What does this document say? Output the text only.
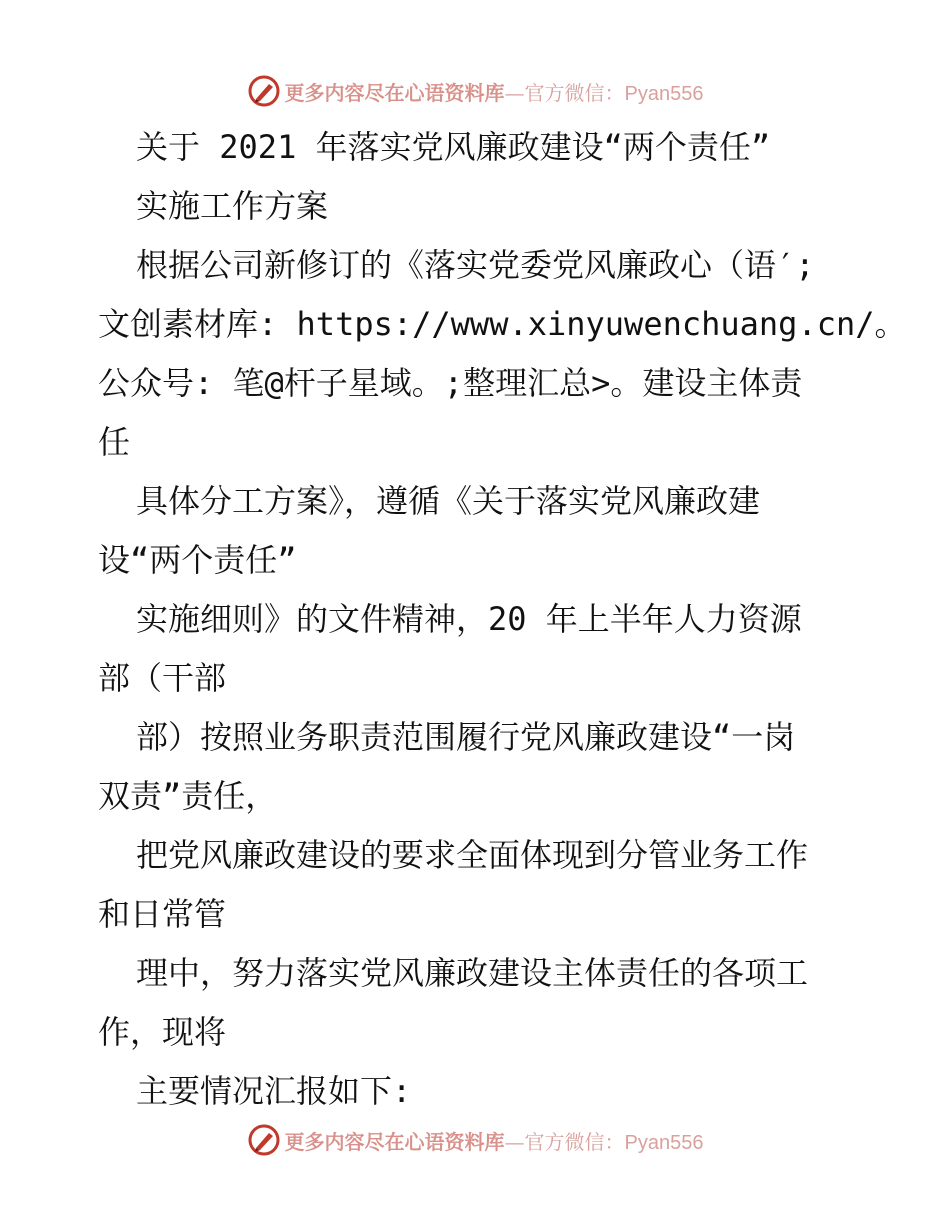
更多内容尽在心语资料库—官方微信：Pyan556
关于 2021 年落实党风廉政建设“两个责任”
实施工作方案
根据公司新修订的《落实党委党风廉政心（语′;
文创素材库: https://www.xinyuwenchuang.cn/。
公众号: 笔@杆子星域。;整理汇总>。建设主体责
任
具体分工方案》，遵循《关于落实党风廉政建
设“两个责任”
实施细则》的文件精神，20 年上半年人力资源
部（干部
部）按照业务职责范围履行党风廉政建设“一岗
双责”责任，
把党风廉政建设的要求全面体现到分管业务工作
和日常管
理中，努力落实党风廉政建设主体责任的各项工
作，现将
主要情况汇报如下:
更多内容尽在心语资料库—官方微信：Pyan556
